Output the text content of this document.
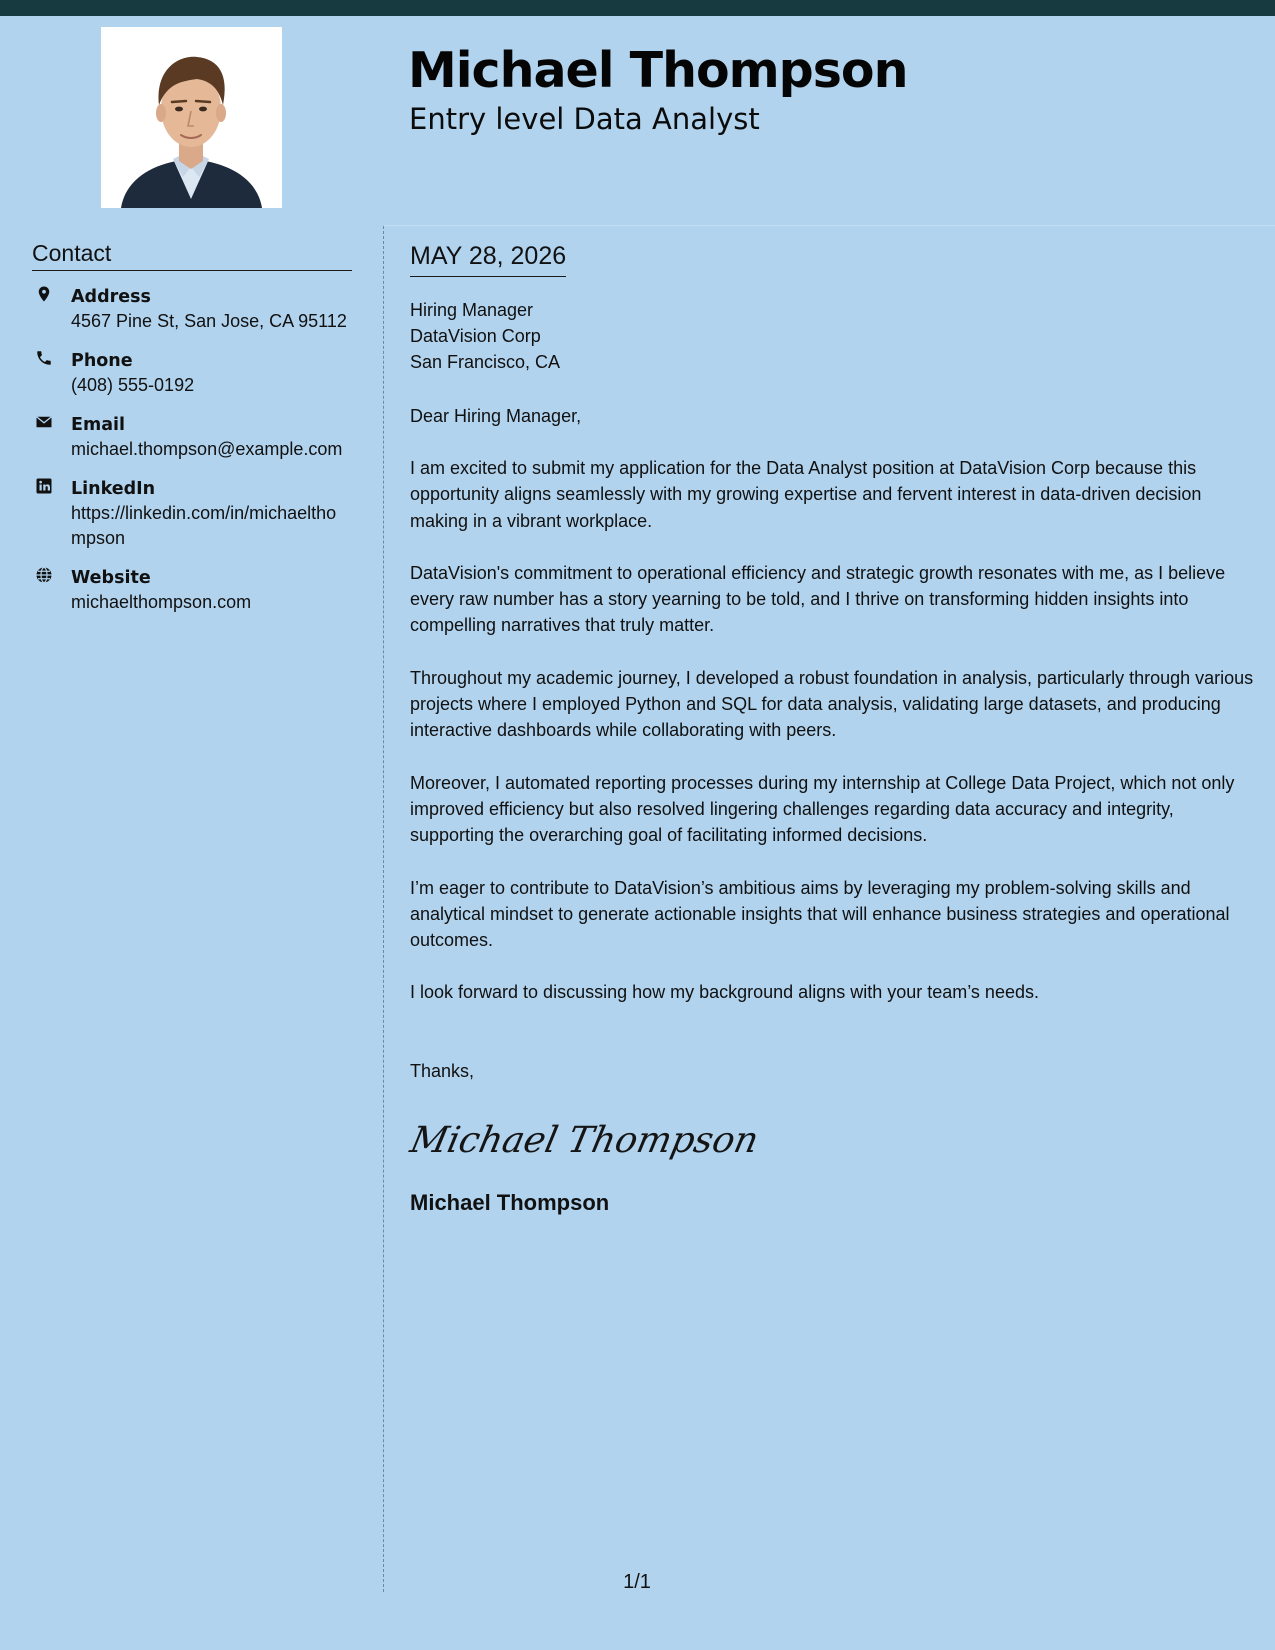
Michael Thompson
Entry level Data Analyst
Contact
Address
4567 Pine St, San Jose, CA 95112
Phone
(408) 555-0192
Email
michael.thompson@example.com
LinkedIn
https://linkedin.com/in/michaelthompson
Website
michaelthompson.com
MAY 28, 2026
Hiring Manager
DataVision Corp
San Francisco, CA
Dear Hiring Manager,

I am excited to submit my application for the Data Analyst position at DataVision Corp because this opportunity aligns seamlessly with my growing expertise and fervent interest in data-driven decision making in a vibrant workplace.

DataVision's commitment to operational efficiency and strategic growth resonates with me, as I believe every raw number has a story yearning to be told, and I thrive on transforming hidden insights into compelling narratives that truly matter.

Throughout my academic journey, I developed a robust foundation in analysis, particularly through various projects where I employed Python and SQL for data analysis, validating large datasets, and producing interactive dashboards while collaborating with peers.

Moreover, I automated reporting processes during my internship at College Data Project, which not only improved efficiency but also resolved lingering challenges regarding data accuracy and integrity, supporting the overarching goal of facilitating informed decisions.

I’m eager to contribute to DataVision’s ambitious aims by leveraging my problem-solving skills and analytical mindset to generate actionable insights that will enhance business strategies and operational outcomes.

I look forward to discussing how my background aligns with your team’s needs.

Thanks,
Michael Thompson
Michael Thompson
1/1
